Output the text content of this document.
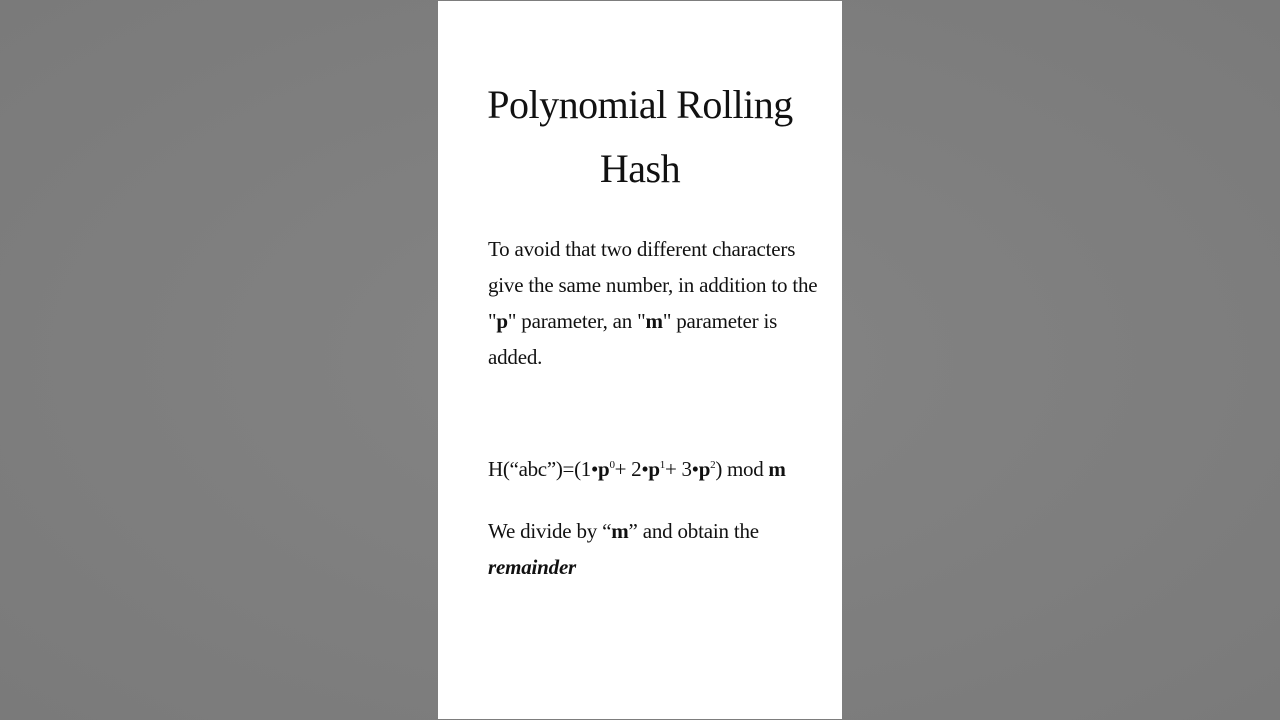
Polynomial Rolling
Hash
To avoid that two different characters give the same number, in addition to the "p" parameter, an "m" parameter is added.
$H(“abc”)=(1•p^0+$ $2•p^1+$ $3•p^2$) mod m
We divide by “m” and obtain the
remainder
